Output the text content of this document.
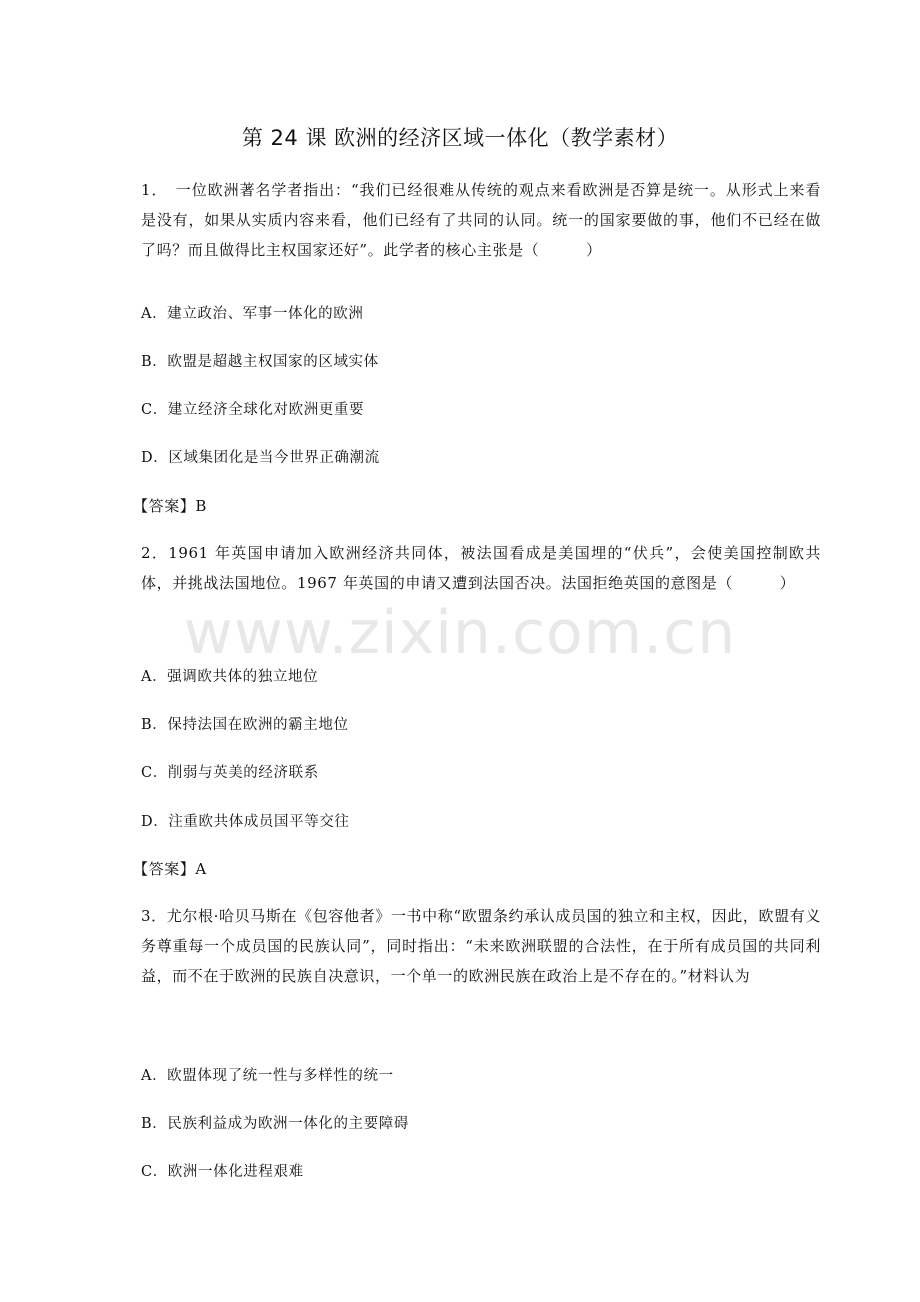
www.zixin.com.cn
第 24 课 欧洲的经济区域一体化（教学素材）
1．　一位欧洲著名学者指出：“我们已经很难从传统的观点来看欧洲是否算是统一。从形式上来看是没有，如果从实质内容来看，他们已经有了共同的认同。统一的国家要做的事，他们不已经在做了吗？而且做得比主权国家还好”。此学者的核心主张是（　　　）
A．建立政治、军事一体化的欧洲
B．欧盟是超越主权国家的区域实体
C．建立经济全球化对欧洲更重要
D．区域集团化是当今世界正确潮流
【答案】B
2．1961 年英国申请加入欧洲经济共同体，被法国看成是美国埋的“伏兵”，会使美国控制欧共体，并挑战法国地位。1967 年英国的申请又遭到法国否决。法国拒绝英国的意图是（　　　）
A．强调欧共体的独立地位
B．保持法国在欧洲的霸主地位
C．削弱与英美的经济联系
D．注重欧共体成员国平等交往
【答案】A
3．尤尔根·哈贝马斯在《包容他者》一书中称“欧盟条约承认成员国的独立和主权，因此，欧盟有义务尊重每一个成员国的民族认同”，同时指出：“未来欧洲联盟的合法性，在于所有成员国的共同利益，而不在于欧洲的民族自决意识，一个单一的欧洲民族在政治上是不存在的。”材料认为
A．欧盟体现了统一性与多样性的统一
B．民族利益成为欧洲一体化的主要障碍
C．欧洲一体化进程艰难
